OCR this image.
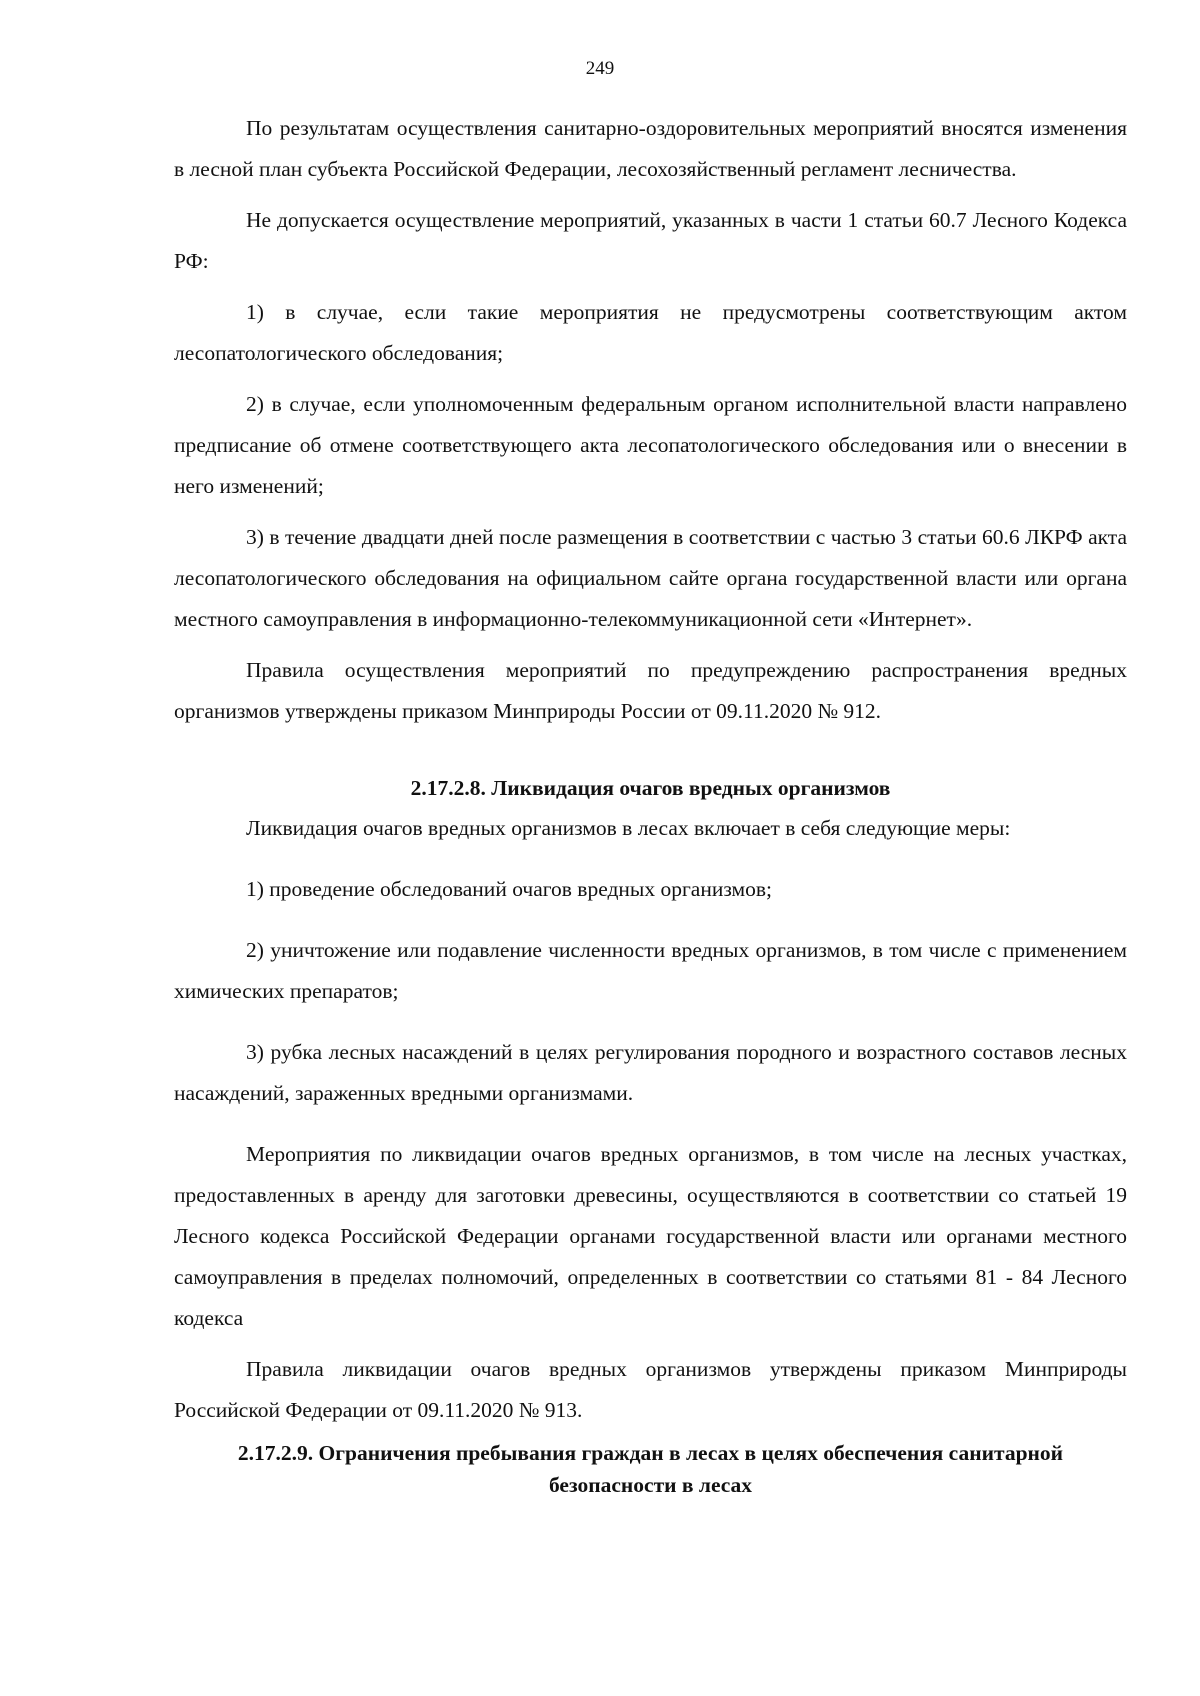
249

По результатам осуществления санитарно-оздоровительных мероприятий вносятся изменения в лесной план субъекта Российской Федерации, лесохозяйственный регламент лесничества.

Не допускается осуществление мероприятий, указанных в части 1 статьи 60.7 Лесного Кодекса РФ:

1) в случае, если такие мероприятия не предусмотрены соответствующим актом лесопатологического обследования;

2) в случае, если уполномоченным федеральным органом исполнительной власти направлено предписание об отмене соответствующего акта лесопатологического обследования или о внесении в него изменений;

3) в течение двадцати дней после размещения в соответствии с частью 3 статьи 60.6 ЛКРФ акта лесопатологического обследования на официальном сайте органа государственной власти или органа местного самоуправления в информационно-телекоммуникационной сети «Интернет».

Правила осуществления мероприятий по предупреждению распространения вредных организмов утверждены приказом Минприроды России от 09.11.2020 № 912.

2.17.2.8. Ликвидация очагов вредных организмов

Ликвидация очагов вредных организмов в лесах включает в себя следующие меры:

1) проведение обследований очагов вредных организмов;

2) уничтожение или подавление численности вредных организмов, в том числе с применением химических препаратов;

3) рубка лесных насаждений в целях регулирования породного и возрастного составов лесных насаждений, зараженных вредными организмами.

Мероприятия по ликвидации очагов вредных организмов, в том числе на лесных участках, предоставленных в аренду для заготовки древесины, осуществляются в соответствии со статьей 19 Лесного кодекса Российской Федерации органами государственной власти или органами местного самоуправления в пределах полномочий, определенных в соответствии со статьями 81 - 84 Лесного кодекса

Правила ликвидации очагов вредных организмов утверждены приказом Минприроды Российской Федерации от 09.11.2020 № 913.

2.17.2.9. Ограничения пребывания граждан в лесах в целях обеспечения санитарной безопасности в лесах
